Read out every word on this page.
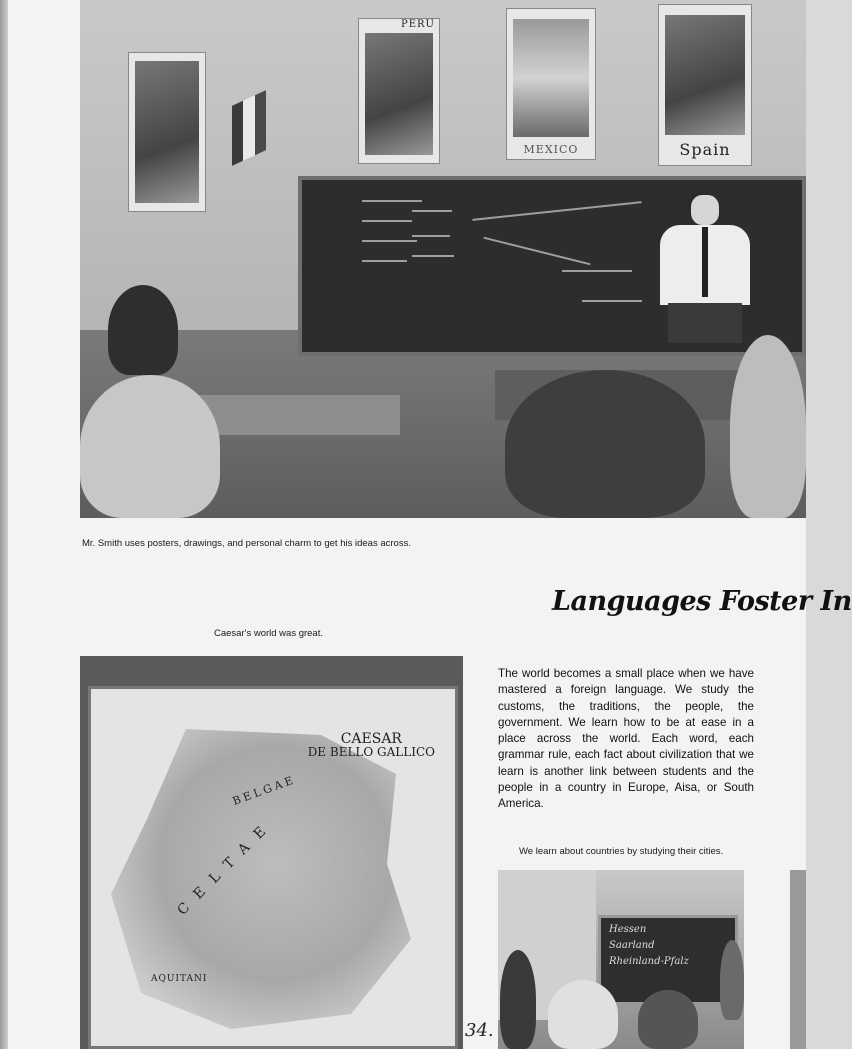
PERU
MEXICO	Spain
Mr. Smith uses posters, drawings, and personal charm to get his ideas across.
Languages Foster In
Caesar's world was great.
CAESAR
DE BELLO GALLICO
BELGAE
CELTAE
AQUITANI

The world becomes a small place when we have mastered a foreign language. We study the customs, the traditions, the people, the government. We learn how to be at ease in a place across the world. Each word, each grammar rule, each fact about civilization that we learn is another link between students and the people in a country in Europe, Aisa, or South America.

We learn about countries by studying their cities.
Hessen
Saarland
Rheinland-Pfalz
34.
